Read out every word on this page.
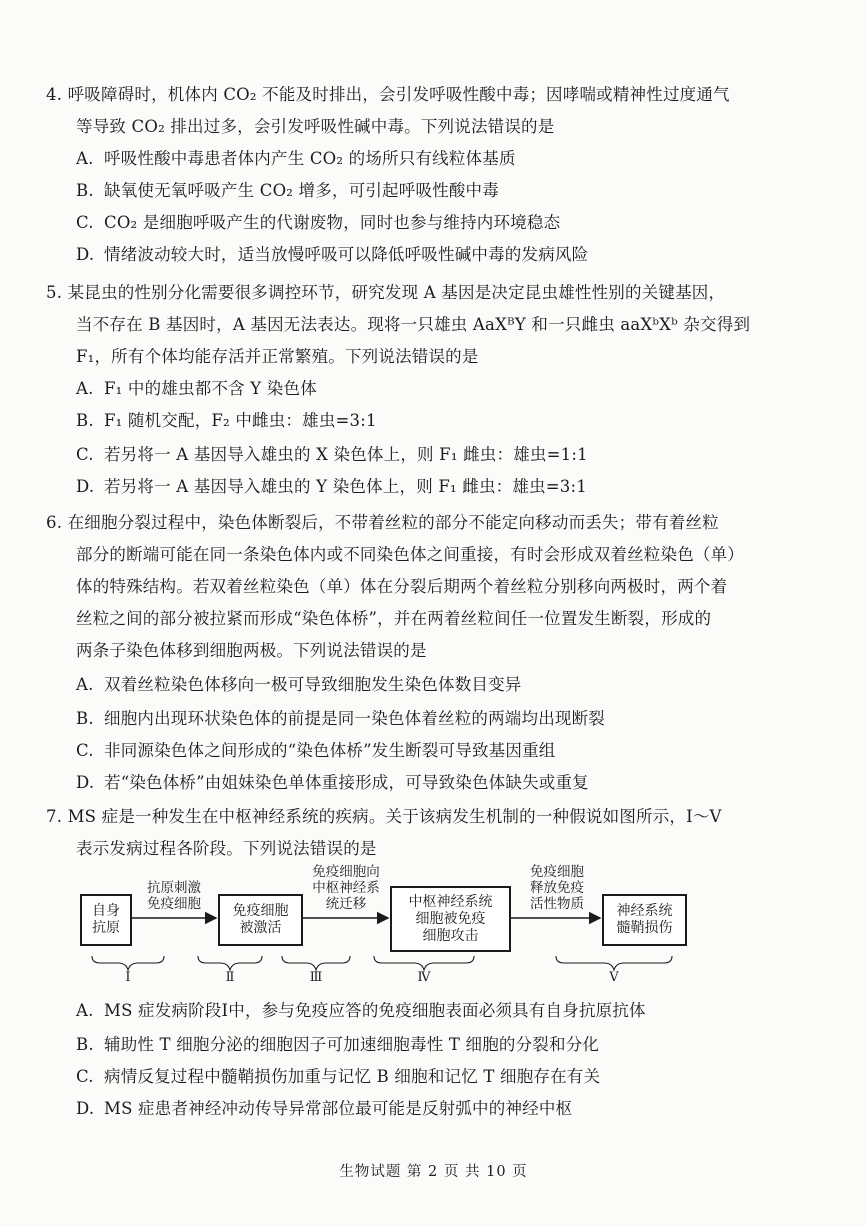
4. 呼吸障碍时，机体内 CO₂ 不能及时排出，会引发呼吸性酸中毒；因哮喘或精神性过度通气
等导致 CO₂ 排出过多，会引发呼吸性碱中毒。下列说法错误的是
A. 呼吸性酸中毒患者体内产生 CO₂ 的场所只有线粒体基质
B. 缺氧使无氧呼吸产生 CO₂ 增多，可引起呼吸性酸中毒
C. CO₂ 是细胞呼吸产生的代谢废物，同时也参与维持内环境稳态
D. 情绪波动较大时，适当放慢呼吸可以降低呼吸性碱中毒的发病风险
5. 某昆虫的性别分化需要很多调控环节，研究发现 A 基因是决定昆虫雄性性别的关键基因，
当不存在 B 基因时，A 基因无法表达。现将一只雄虫 AaXᴮY 和一只雌虫 aaXᵇXᵇ 杂交得到
F₁，所有个体均能存活并正常繁殖。下列说法错误的是
A. F₁ 中的雄虫都不含 Y 染色体
B. F₁ 随机交配，F₂ 中雌虫：雄虫=3:1
C. 若另将一 A 基因导入雄虫的 X 染色体上，则 F₁ 雌虫：雄虫=1:1
D. 若另将一 A 基因导入雄虫的 Y 染色体上，则 F₁ 雌虫：雄虫=3:1
6. 在细胞分裂过程中，染色体断裂后，不带着丝粒的部分不能定向移动而丢失；带有着丝粒
部分的断端可能在同一条染色体内或不同染色体之间重接，有时会形成双着丝粒染色（单）
体的特殊结构。若双着丝粒染色（单）体在分裂后期两个着丝粒分别移向两极时，两个着
丝粒之间的部分被拉紧而形成“染色体桥”，并在两着丝粒间任一位置发生断裂，形成的
两条子染色体移到细胞两极。下列说法错误的是
A. 双着丝粒染色体移向一极可导致细胞发生染色体数目变异
B. 细胞内出现环状染色体的前提是同一染色体着丝粒的两端均出现断裂
C. 非同源染色体之间形成的“染色体桥”发生断裂可导致基因重组
D. 若“染色体桥”由姐妹染色单体重接形成，可导致染色体缺失或重复
7. MS 症是一种发生在中枢神经系统的疾病。关于该病发生机制的一种假说如图所示，Ⅰ～Ⅴ
表示发病过程各阶段。下列说法错误的是
自身
抗原
免疫细胞
被激活
中枢神经系统
细胞被免疫
细胞攻击
神经系统
髓鞘损伤
抗原刺激
免疫细胞
免疫细胞向
中枢神经系
统迁移
免疫细胞
释放免疫
活性物质
Ⅰ	Ⅱ	Ⅲ	Ⅳ	Ⅴ
A. MS 症发病阶段Ⅰ中，参与免疫应答的免疫细胞表面必须具有自身抗原抗体
B. 辅助性 T 细胞分泌的细胞因子可加速细胞毒性 T 细胞的分裂和分化
C. 病情反复过程中髓鞘损伤加重与记忆 B 细胞和记忆 T 细胞存在有关
D. MS 症患者神经冲动传导异常部位最可能是反射弧中的神经中枢
生物试题 第 2 页 共 10 页
